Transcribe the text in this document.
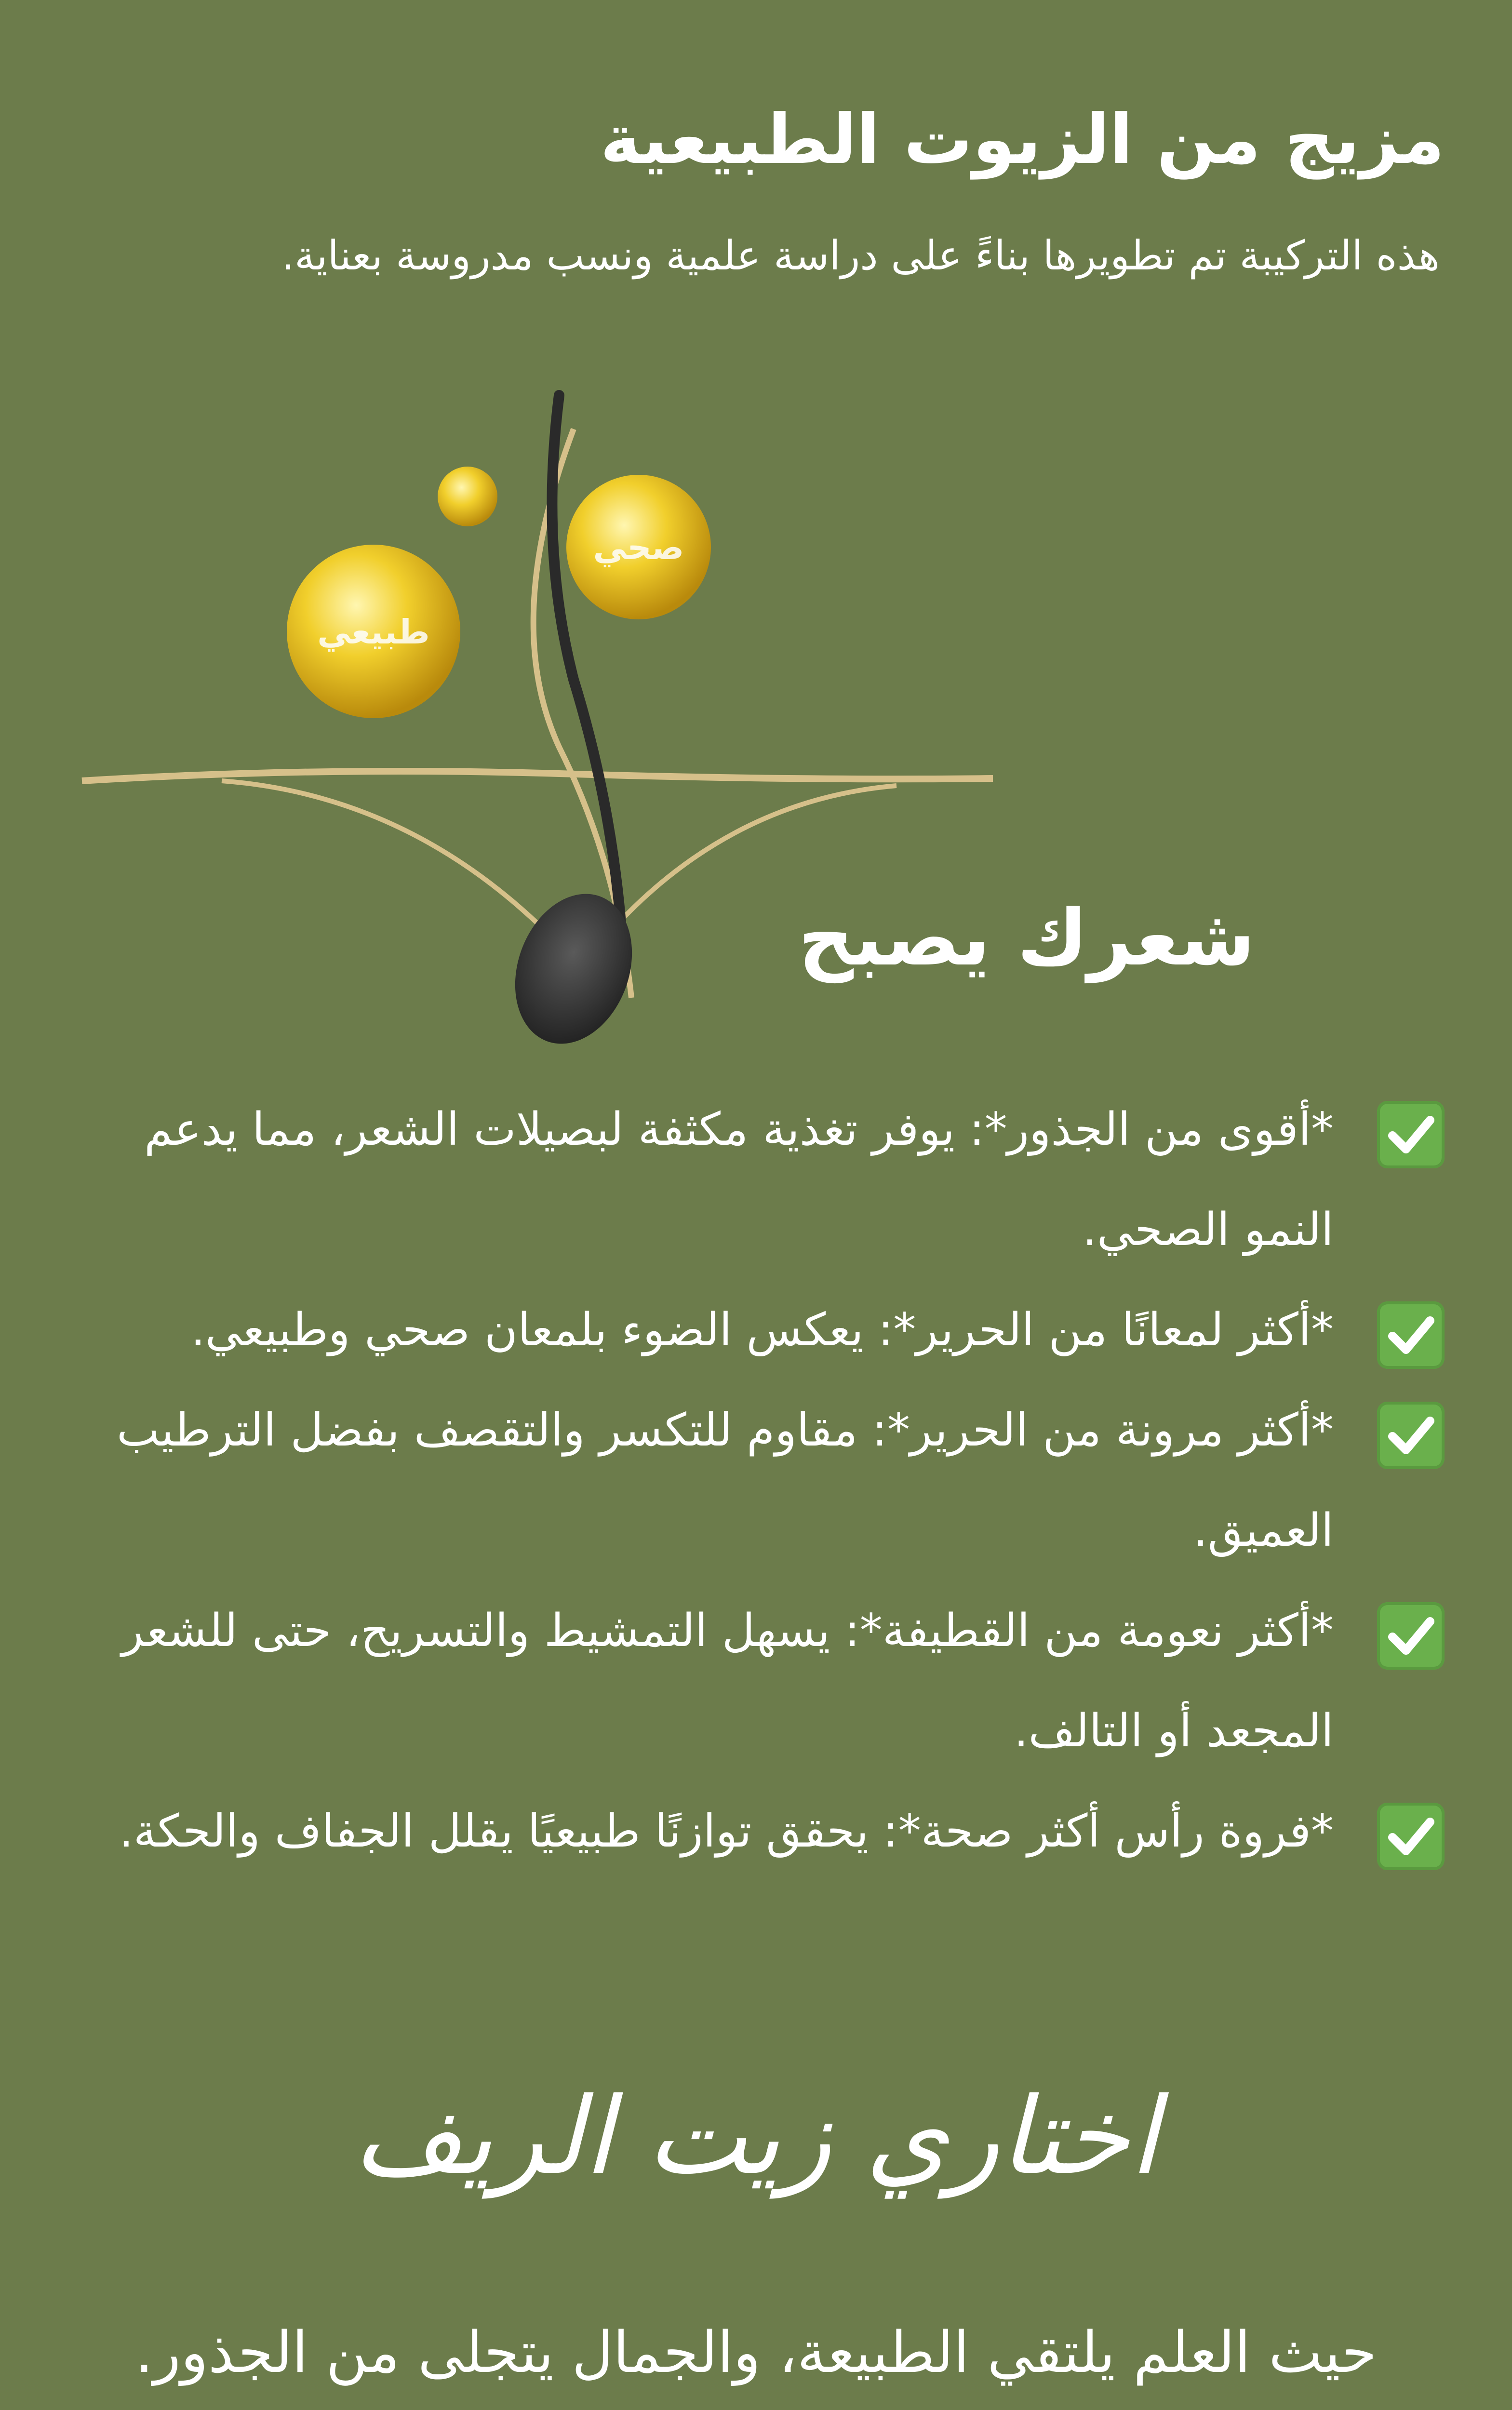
مزيج من الزيوت الطبيعية
هذه التركيبة تم تطويرها بناءً على دراسة علمية ونسب مدروسة بعناية.
طبيعي
صحي
شعرك يصبح

*أقوى من الجذور*: يوفر تغذية مكثفة لبصيلات الشعر، مما يدعم النمو الصحي.

*أكثر لمعانًا من الحرير*: يعكس الضوء بلمعان صحي وطبيعي.

*أكثر مرونة من الحرير*: مقاوم للتكسر والتقصف بفضل الترطيب العميق.

*أكثر نعومة من القطيفة*: يسهل التمشيط والتسريح، حتى للشعر المجعد أو التالف.

*فروة رأس أكثر صحة*: يحقق توازنًا طبيعيًا يقلل الجفاف والحكة.

اختاري زيت الريف
حيث العلم يلتقي الطبيعة، والجمال يتجلى من الجذور.
